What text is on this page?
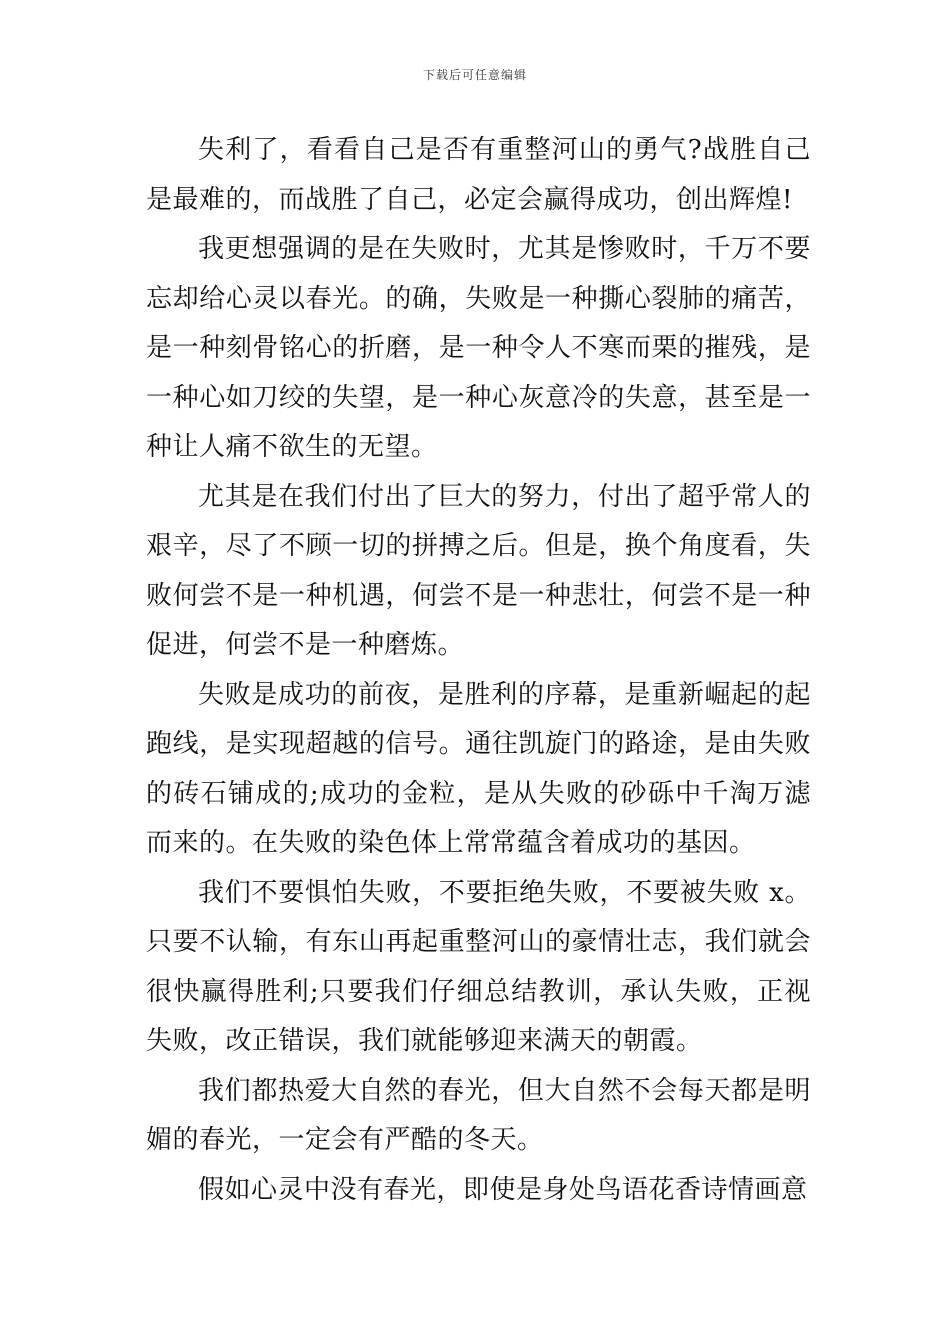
下载后可任意编辑

失利了，看看自己是否有重整河山的勇气?战胜自己是最难的，而战胜了自己，必定会赢得成功，创出辉煌!

我更想强调的是在失败时，尤其是惨败时，千万不要忘却给心灵以春光。的确，失败是一种撕心裂肺的痛苦，是一种刻骨铭心的折磨，是一种令人不寒而栗的摧残，是一种心如刀绞的失望，是一种心灰意冷的失意，甚至是一种让人痛不欲生的无望。

尤其是在我们付出了巨大的努力，付出了超乎常人的艰辛，尽了不顾一切的拼搏之后。但是，换个角度看，失败何尝不是一种机遇，何尝不是一种悲壮，何尝不是一种促进，何尝不是一种磨炼。

失败是成功的前夜，是胜利的序幕，是重新崛起的起跑线，是实现超越的信号。通往凯旋门的路途，是由失败的砖石铺成的;成功的金粒，是从失败的砂砾中千淘万滤而来的。在失败的染色体上常常蕴含着成功的基因。

我们不要惧怕失败，不要拒绝失败，不要被失败 x。只要不认输，有东山再起重整河山的豪情壮志，我们就会很快赢得胜利;只要我们仔细总结教训，承认失败，正视失败，改正错误，我们就能够迎来满天的朝霞。

我们都热爱大自然的春光，但大自然不会每天都是明媚的春光，一定会有严酷的冬天。

假如心灵中没有春光，即使是身处鸟语花香诗情画意
